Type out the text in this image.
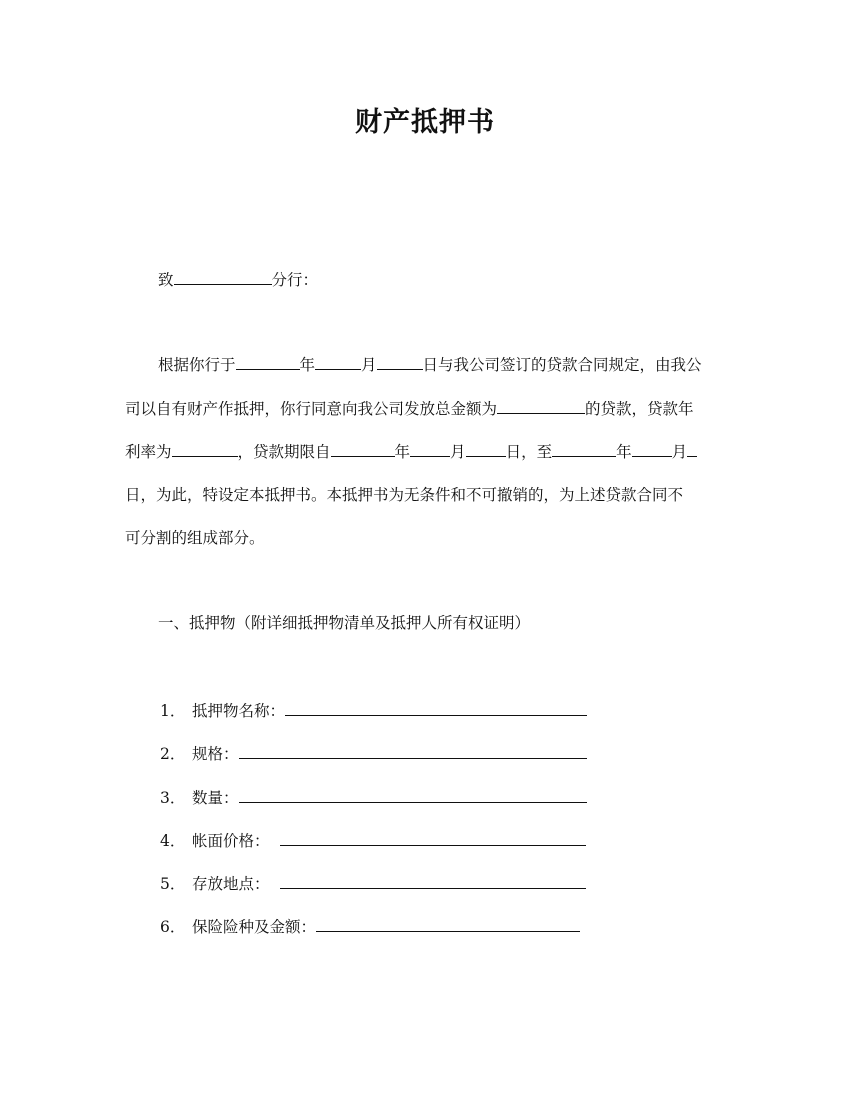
财产抵押书
致	分行：
根据你行于	年	月	日与我公司签订的贷款合同规定，由我公
司以自有财产作抵押，你行同意向我公司发放总金额为	的贷款，贷款年
利率为	，贷款期限自	年	月	日，至	年	月
日，为此，特设定本抵押书。本抵押书为无条件和不可撤销的，为上述贷款合同不
可分割的组成部分。
一、抵押物（附详细抵押物清单及抵押人所有权证明）
1． 抵押物名称：
2． 规格：
3． 数量：
4． 帐面价格：
5． 存放地点：
6． 保险险种及金额：
